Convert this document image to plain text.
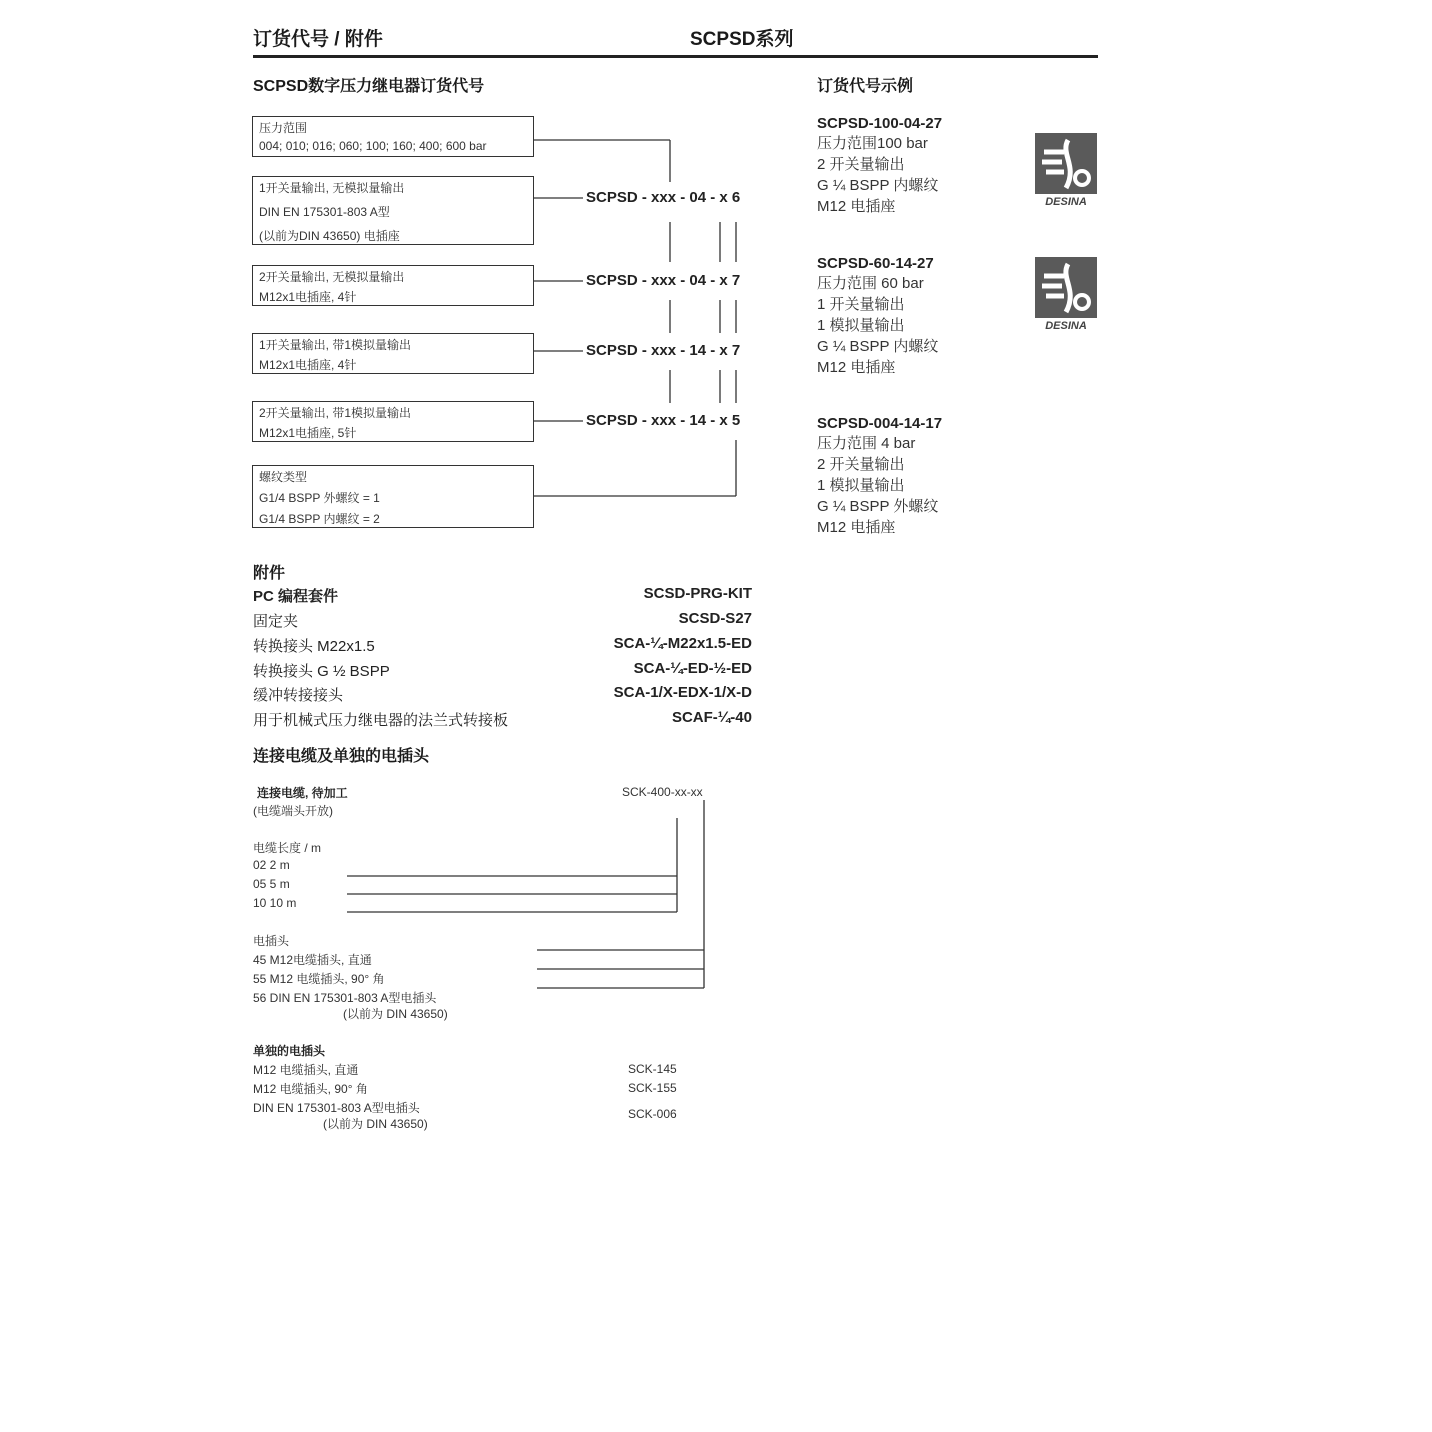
订货代号 / 附件	SCPSD系列
SCPSD数字压力继电器订货代号
压力范围
004; 010; 016; 060; 100; 160; 400; 600 bar
1开关量输出, 无模拟量输出
DIN EN 175301-803 A型
(以前为DIN 43650) 电插座
2开关量输出, 无模拟量输出
M12x1电插座, 4针
1开关量输出, 带1模拟量输出
M12x1电插座, 4针
2开关量输出, 带1模拟量输出
M12x1电插座, 5针
螺纹类型
G1/4 BSPP 外螺纹 = 1
G1/4 BSPP 内螺纹 = 2
SCPSD - xxx - 04 - x 6
SCPSD - xxx - 04 - x 7
SCPSD - xxx - 14 - x 7
SCPSD - xxx - 14 - x 5
订货代号示例
SCPSD-100-04-27
压力范围100 bar
2 开关量输出
G ¼ BSPP 内螺纹
M12 电插座
SCPSD-60-14-27
压力范围 60 bar
1 开关量输出
1 模拟量输出
G ¼ BSPP 内螺纹
M12 电插座
SCPSD-004-14-17
压力范围 4 bar
2 开关量输出
1 模拟量输出
G ¼ BSPP 外螺纹
M12 电插座
DESINA
DESINA
附件
PC 编程套件	SCSD-PRG-KIT
固定夹	SCSD-S27
转换接头 M22x1.5	SCA-¼-M22x1.5-ED
转换接头 G ½ BSPP	SCA-¼-ED-½-ED
缓冲转接接头	SCA-1/X-EDX-1/X-D
用于机械式压力继电器的法兰式转接板	SCAF-¼-40
连接电缆及单独的电插头
连接电缆, 待加工
(电缆端头开放)
SCK-400-xx-xx
电缆长度 / m
02 2 m
05 5 m
10 10 m
电插头
45 M12电缆插头, 直通
55 M12 电缆插头, 90° 角
56 DIN EN 175301-803 A型电插头
(以前为 DIN 43650)
单独的电插头
M12 电缆插头, 直通	SCK-145
M12 电缆插头, 90° 角	SCK-155
DIN EN 175301-803 A型电插头
(以前为 DIN 43650)
SCK-006
